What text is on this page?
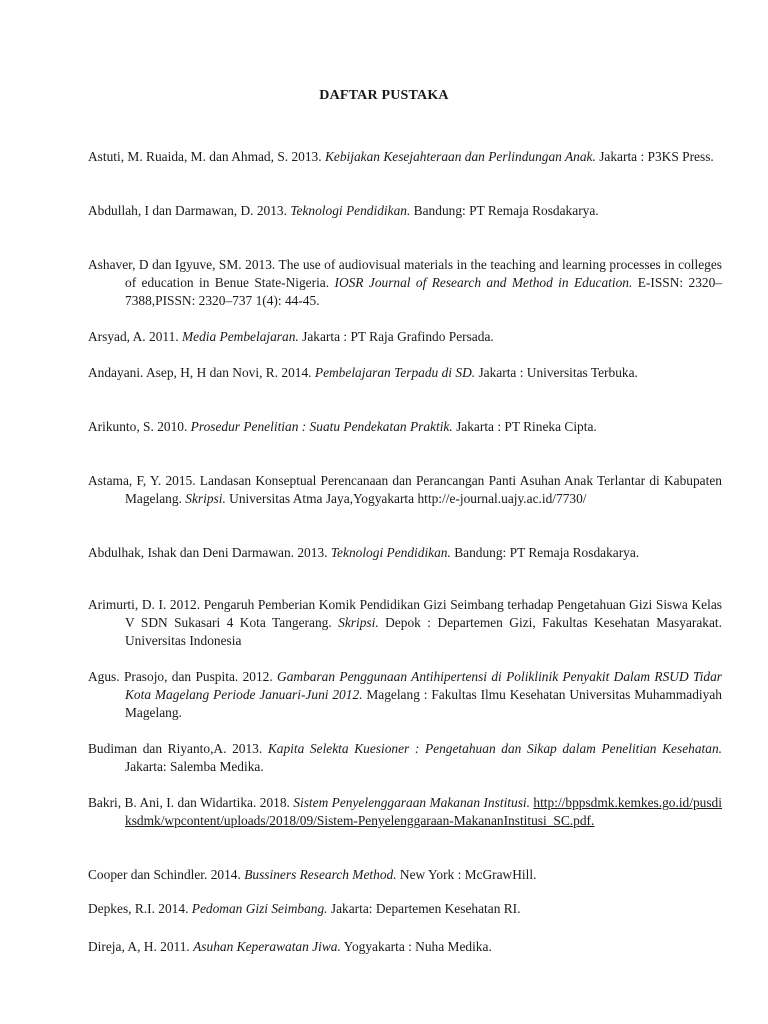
DAFTAR PUSTAKA

Astuti, M. Ruaida, M. dan Ahmad, S. 2013. Kebijakan Kesejahteraan dan Perlindungan Anak. Jakarta : P3KS Press.

Abdullah, I dan Darmawan, D. 2013. Teknologi Pendidikan. Bandung: PT Remaja Rosdakarya.

Ashaver, D dan Igyuve, SM. 2013. The use of audiovisual materials in the teaching and learning processes in colleges of education in Benue State-Nigeria. IOSR Journal of Research and Method in Education. E-ISSN: 2320–7388,PISSN: 2320–737 1(4): 44-45.

Arsyad, A. 2011. Media Pembelajaran. Jakarta : PT Raja Grafindo Persada.

Andayani. Asep, H, H dan Novi, R. 2014. Pembelajaran Terpadu di SD. Jakarta : Universitas Terbuka.

Arikunto, S. 2010. Prosedur Penelitian : Suatu Pendekatan Praktik. Jakarta : PT Rineka Cipta.

Astama, F, Y. 2015. Landasan Konseptual Perencanaan dan Perancangan Panti Asuhan Anak Terlantar di Kabupaten Magelang. Skripsi. Universitas Atma Jaya,Yogyakarta http://e-journal.uajy.ac.id/7730/

Abdulhak, Ishak dan Deni Darmawan. 2013. Teknologi Pendidikan. Bandung: PT Remaja Rosdakarya.

Arimurti, D. I. 2012. Pengaruh Pemberian Komik Pendidikan Gizi Seimbang terhadap Pengetahuan Gizi Siswa Kelas V SDN Sukasari 4 Kota Tangerang. Skripsi. Depok : Departemen Gizi, Fakultas Kesehatan Masyarakat. Universitas Indonesia

Agus. Prasojo, dan Puspita. 2012. Gambaran Penggunaan Antihipertensi di Poliklinik Penyakit Dalam RSUD Tidar Kota Magelang Periode Januari-Juni 2012. Magelang : Fakultas Ilmu Kesehatan Universitas Muhammadiyah Magelang.

Budiman dan Riyanto,A. 2013. Kapita Selekta Kuesioner : Pengetahuan dan Sikap dalam Penelitian Kesehatan. Jakarta: Salemba Medika.

Bakri, B. Ani, I. dan Widartika. 2018. Sistem Penyelenggaraan Makanan Institusi. http://bppsdmk.kemkes.go.id/pusdiksdmk/wpcontent/uploads/2018/09/Sistem-Penyelenggaraan-MakananInstitusi_SC.pdf.

Cooper dan Schindler. 2014. Bussiners Research Method. New York : McGrawHill.

Depkes, R.I. 2014. Pedoman Gizi Seimbang. Jakarta: Departemen Kesehatan RI.

Direja, A, H. 2011. Asuhan Keperawatan Jiwa. Yogyakarta : Nuha Medika.
